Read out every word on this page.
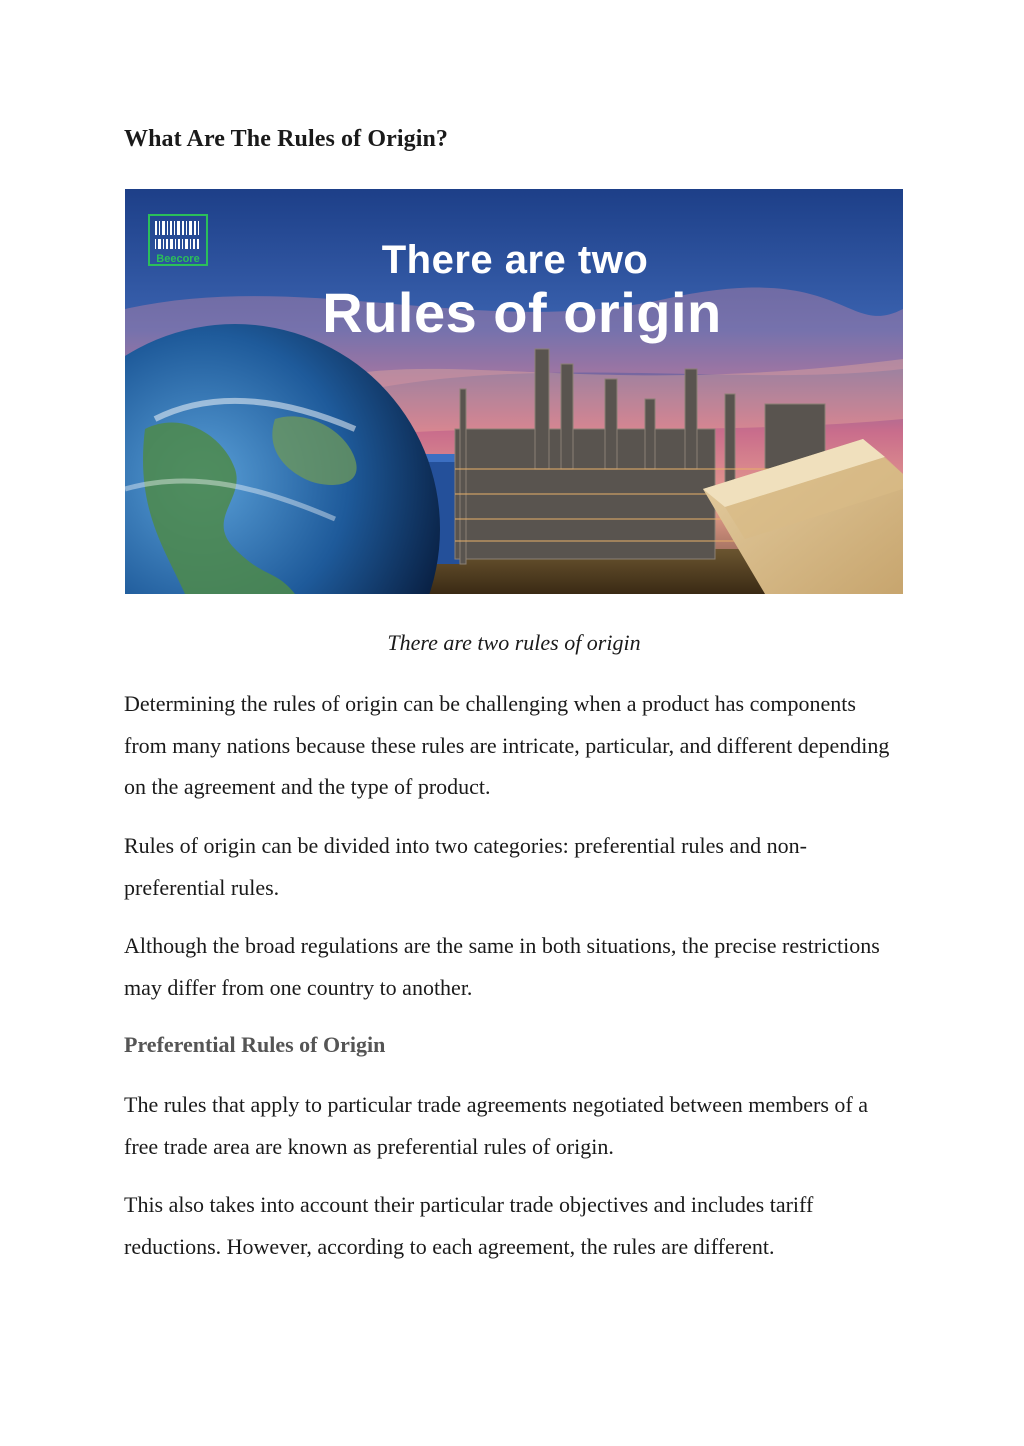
What Are The Rules of Origin?
Beecore	There are two
Rules of origin
There are two rules of origin

Determining the rules of origin can be challenging when a product has components from many nations because these rules are intricate, particular, and different depending on the agreement and the type of product.

Rules of origin can be divided into two categories: preferential rules and non-preferential rules.

Although the broad regulations are the same in both situations, the precise restrictions may differ from one country to another.

Preferential Rules of Origin

The rules that apply to particular trade agreements negotiated between members of a free trade area are known as preferential rules of origin.

This also takes into account their particular trade objectives and includes tariff reductions. However, according to each agreement, the rules are different.
